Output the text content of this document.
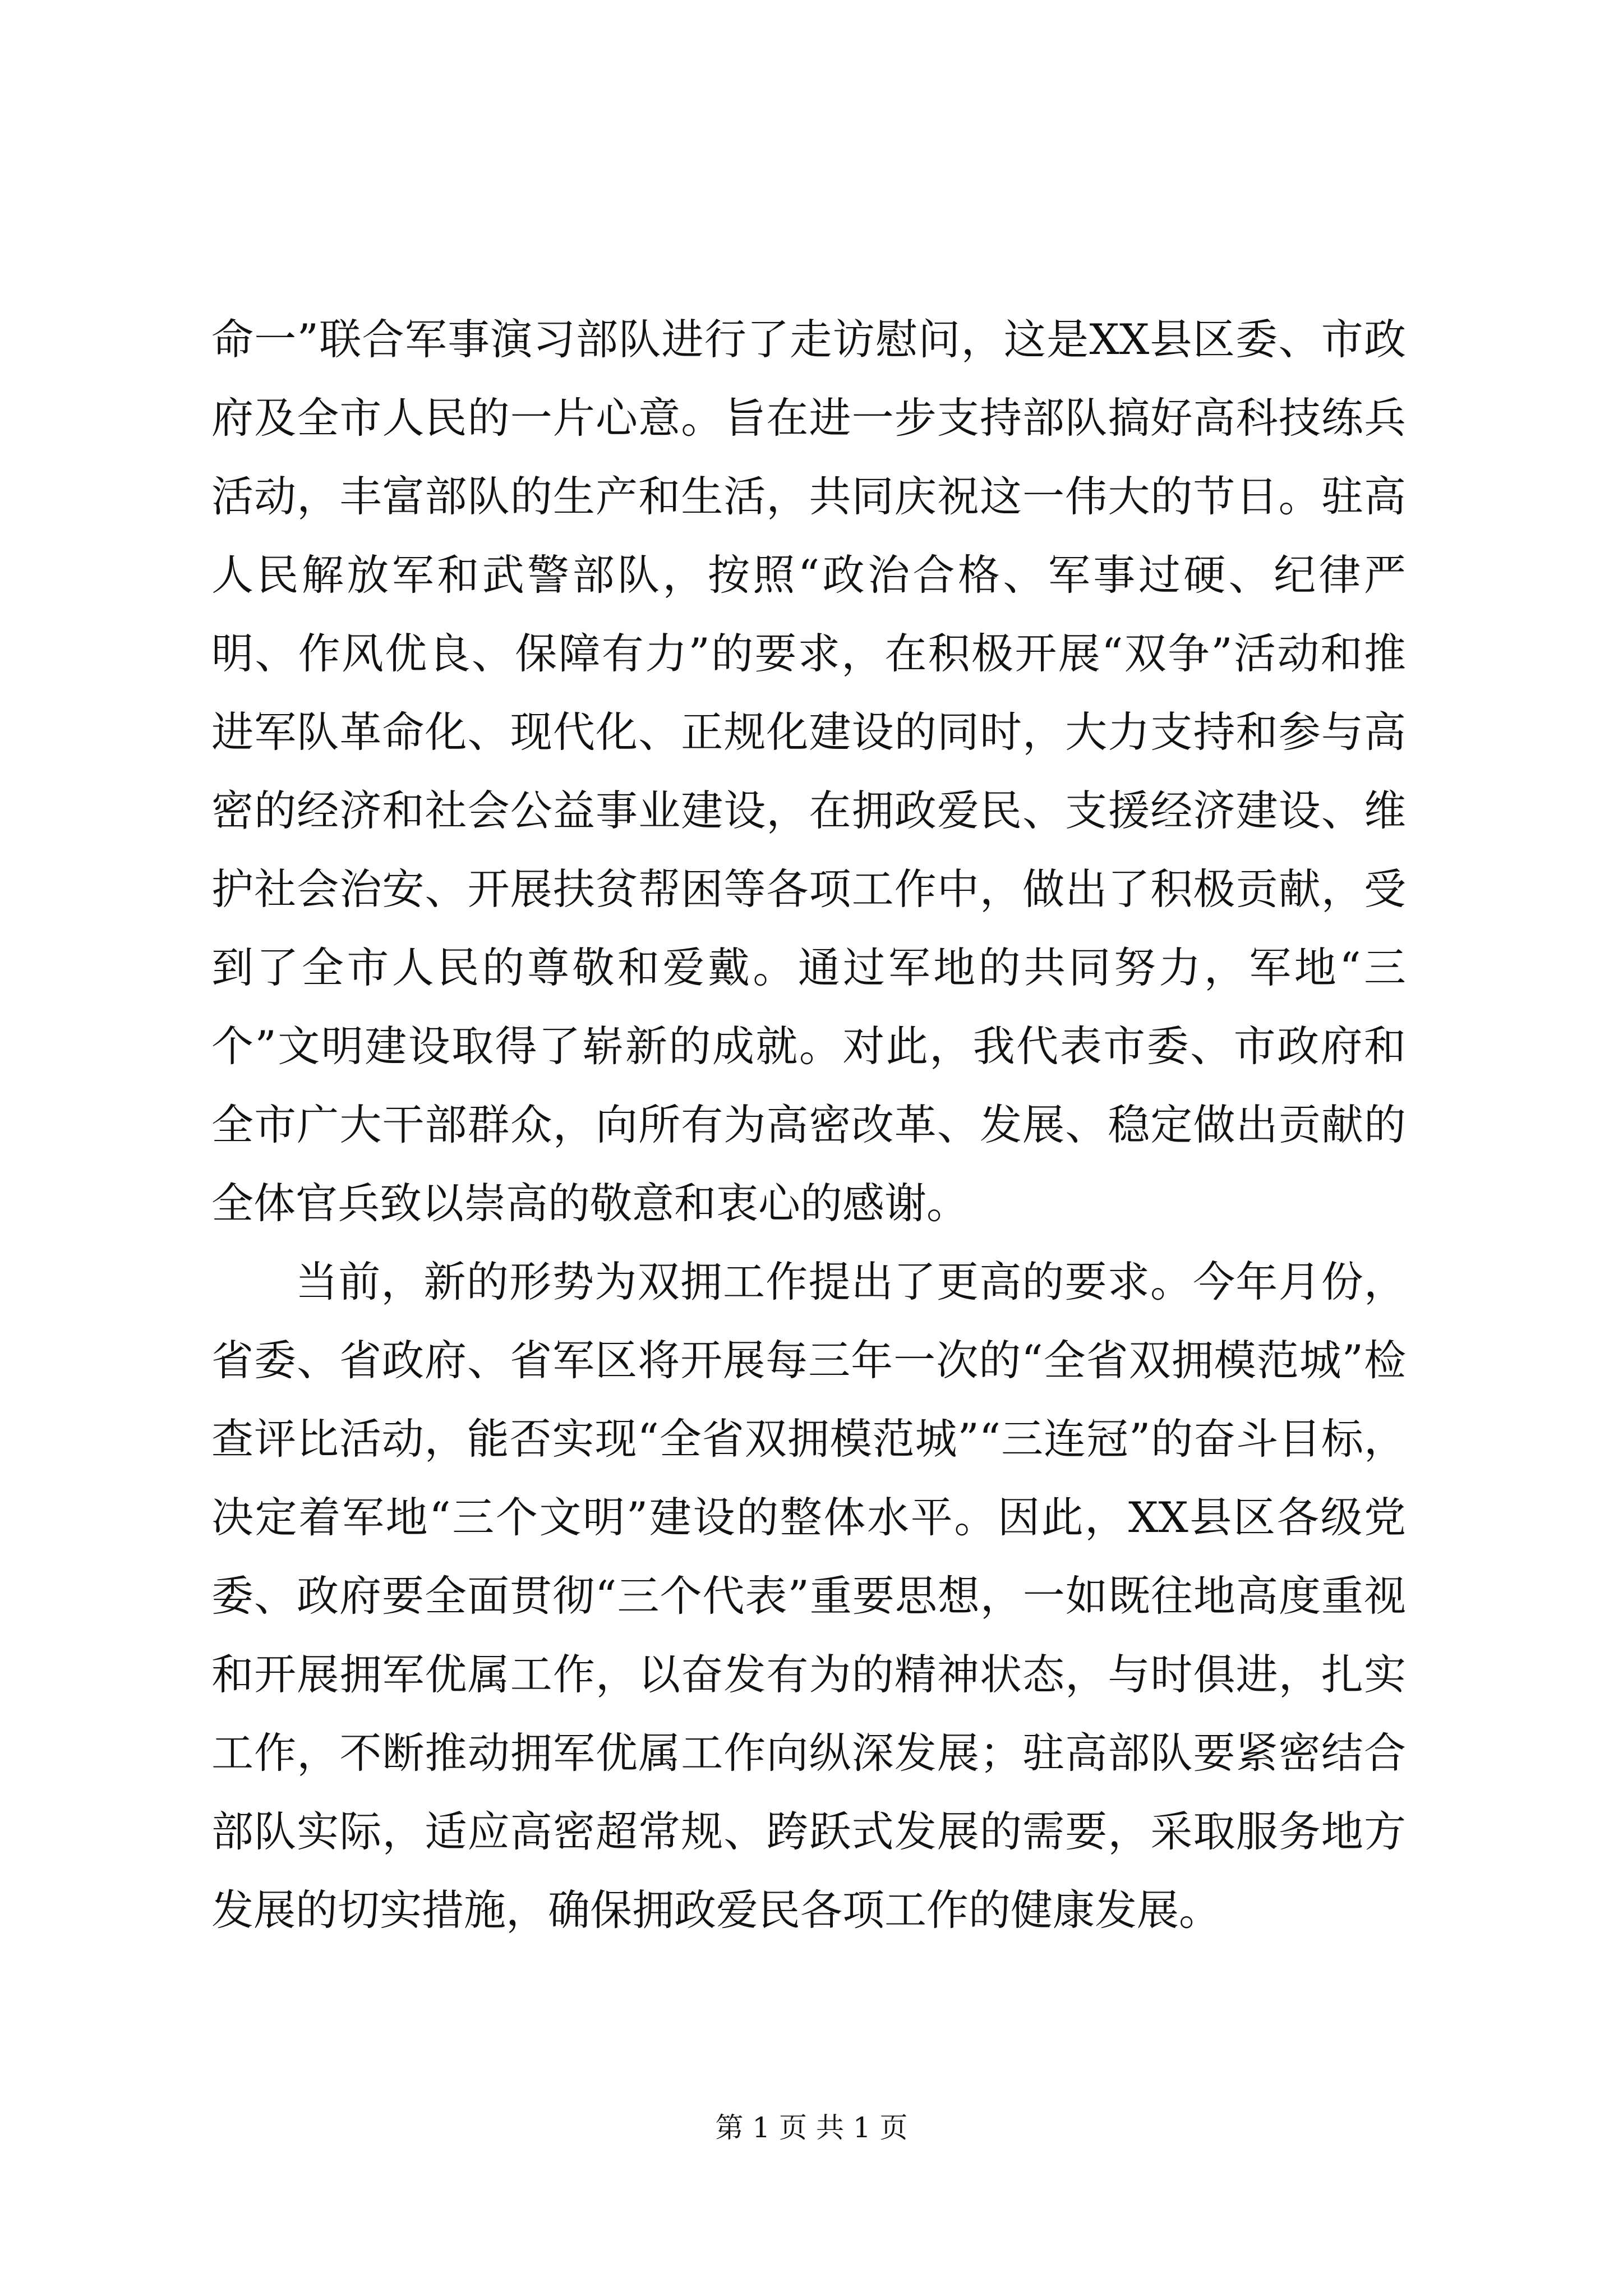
命一”联合军事演习部队进行了走访慰问，这是XX县区委、市政府及全市人民的一片心意。旨在进一步支持部队搞好高科技练兵活动，丰富部队的生产和生活，共同庆祝这一伟大的节日。驻高人民解放军和武警部队，按照“政治合格、军事过硬、纪律严明、作风优良、保障有力”的要求，在积极开展“双争”活动和推进军队革命化、现代化、正规化建设的同时，大力支持和参与高密的经济和社会公益事业建设，在拥政爱民、支援经济建设、维护社会治安、开展扶贫帮困等各项工作中，做出了积极贡献，受到了全市人民的尊敬和爱戴。通过军地的共同努力，军地“三个”文明建设取得了崭新的成就。对此，我代表市委、市政府和全市广大干部群众，向所有为高密改革、发展、稳定做出贡献的全体官兵致以崇高的敬意和衷心的感谢。

当前，新的形势为双拥工作提出了更高的要求。今年月份，省委、省政府、省军区将开展每三年一次的“全省双拥模范城”检查评比活动，能否实现“全省双拥模范城”“三连冠”的奋斗目标，决定着军地“三个文明”建设的整体水平。因此，XX县区各级党委、政府要全面贯彻“三个代表”重要思想，一如既往地高度重视和开展拥军优属工作，以奋发有为的精神状态，与时俱进，扎实工作，不断推动拥军优属工作向纵深发展；驻高部队要紧密结合部队实际，适应高密超常规、跨跃式发展的需要，采取服务地方发展的切实措施，确保拥政爱民各项工作的健康发展。

第 1 页 共 1 页
